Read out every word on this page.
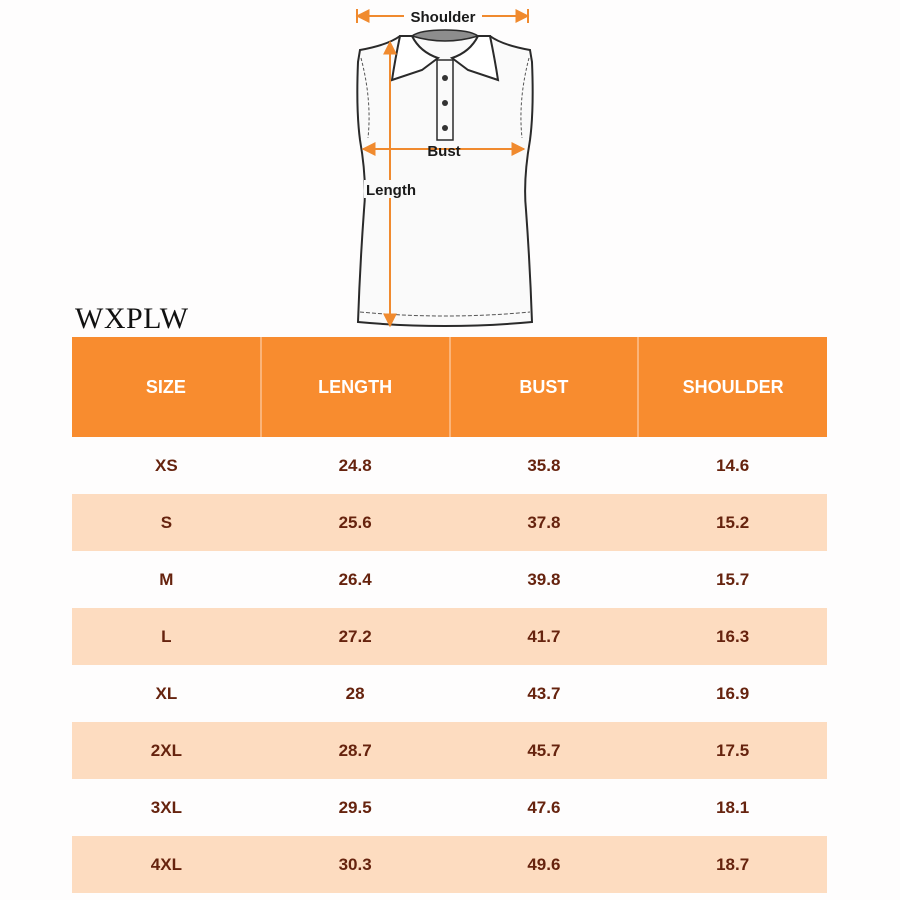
Shoulder
Bust
Length
WXPLW
SIZE	LENGTH	BUST	SHOULDER
XS	24.8	35.8	14.6
S	25.6	37.8	15.2
M	26.4	39.8	15.7
L	27.2	41.7	16.3
XL	28	43.7	16.9
2XL	28.7	45.7	17.5
3XL	29.5	47.6	18.1
4XL	30.3	49.6	18.7
